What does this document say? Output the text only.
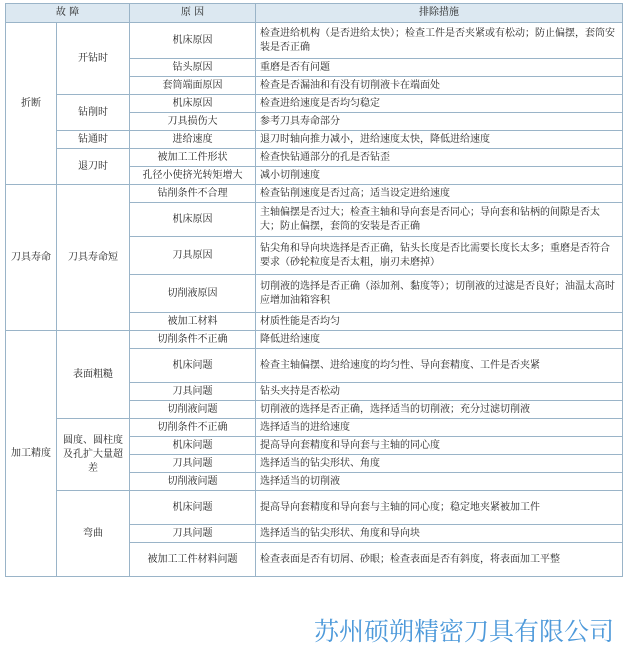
故 障		原 因	排除措施
折断	开钻时	机床原因	检查进给机构（是否进给太快）；检查工件是否夹紧或有松动；防止偏摆，套筒安装是否正确
		钻头原因	重磨是否有问题
		套筒端面原因	检查是否漏油和有没有切削液卡在端面处
	钻削时	机床原因	检查进给速度是否均匀稳定
		刀具损伤大	参考刀具寿命部分
	钻通时	进给速度	退刀时轴向推力减小，进给速度太快，降低进给速度
	退刀时	被加工工件形状	检查快钻通部分的孔是否钻歪
		孔径小使挤光转矩增大	减小切削速度
刀具寿命	刀具寿命短	钻削条件不合理	检查钻削速度是否过高；适当设定进给速度
		机床原因	主轴偏摆是否过大；检查主轴和导向套是否同心；导向套和钻柄的间隙是否太大；防止偏摆，套筒的安装是否正确
		刀具原因	钻尖角和导向块选择是否正确，钻头长度是否比需要长度长太多；重磨是否符合要求（砂轮粒度是否太粗，崩刃未磨掉）
		切削液原因	切削液的选择是否正确（添加剂、黏度等）；切削液的过滤是否良好；油温太高时应增加油箱容积
		被加工材料	材质性能是否均匀
加工精度	表面粗糙	切削条件不正确	降低进给速度
		机床问题	检查主轴偏摆、进给速度的均匀性、导向套精度、工件是否夹紧
		刀具问题	钻头夹持是否松动
		切削液问题	切削液的选择是否正确，选择适当的切削液；充分过滤切削液
	圆度、圆柱度及孔扩大量超差	切削条件不正确	选择适当的进给速度
		机床问题	提高导向套精度和导向套与主轴的同心度
		刀具问题	选择适当的钻尖形状、角度
		切削液问题	选择适当的切削液
	弯曲	机床问题	提高导向套精度和导向套与主轴的同心度；稳定地夹紧被加工件
		刀具问题	选择适当的钻尖形状、角度和导向块
		被加工工件材料问题	检查表面是否有切屑、砂眼；检查表面是否有斜度，将表面加工平整
苏州硕朔精密刀具有限公司
